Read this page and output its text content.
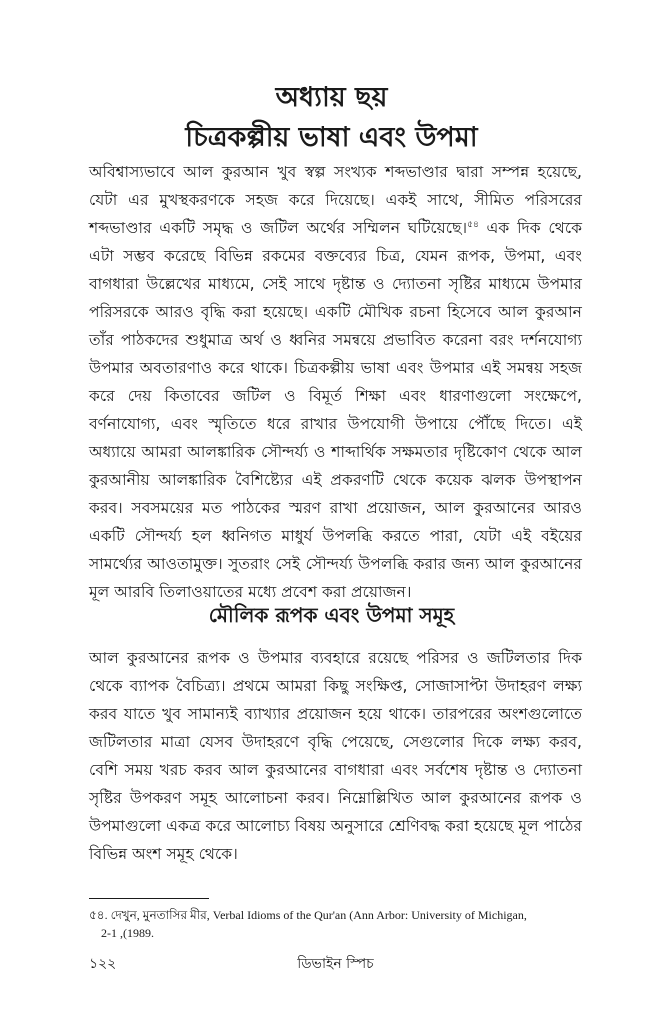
অধ্যায় ছয়
চিত্রকল্পীয় ভাষা এবং উপমা

অবিশ্বাস্যভাবে আল কুরআন খুব স্বল্প সংখ্যক শব্দভাণ্ডার দ্বারা সম্পন্ন হয়েছে, যেটা এর মুখস্থকরণকে সহজ করে দিয়েছে। একই সাথে, সীমিত পরিসরের শব্দভাণ্ডার একটি সমৃদ্ধ ও জটিল অর্থের সম্মিলন ঘটিয়েছে।$^{৫৪}$ এক দিক থেকে এটা সম্ভব করেছে বিভিন্ন রকমের বক্তব্যের চিত্র, যেমন রূপক, উপমা, এবং বাগধারা উল্লেখের মাধ্যমে, সেই সাথে দৃষ্টান্ত ও দ্যোতনা সৃষ্টির মাধ্যমে উপমার পরিসরকে আরও বৃদ্ধি করা হয়েছে। একটি মৌখিক রচনা হিসেবে আল কুরআন তাঁর পাঠকদের শুধুমাত্র অর্থ ও ধ্বনির সমন্বয়ে প্রভাবিত করেনা বরং দর্শনযোগ্য উপমার অবতারণাও করে থাকে। চিত্রকল্পীয় ভাষা এবং উপমার এই সমন্বয় সহজ করে দেয় কিতাবের জটিল ও বিমূর্ত শিক্ষা এবং ধারণাগুলো সংক্ষেপে, বর্ণনাযোগ্য, এবং স্মৃতিতে ধরে রাখার উপযোগী উপায়ে পৌঁছে দিতে। এই অধ্যায়ে আমরা আলঙ্কারিক সৌন্দর্য্য ও শাব্দার্থিক সক্ষমতার দৃষ্টিকোণ থেকে আল কুরআনীয় আলঙ্কারিক বৈশিষ্ট্যের এই প্রকরণটি থেকে কয়েক ঝলক উপস্থাপন করব। সবসময়ের মত পাঠকের স্মরণ রাখা প্রয়োজন, আল কুরআনের আরও একটি সৌন্দর্য্য হল ধ্বনিগত মাধুর্য উপলব্ধি করতে পারা, যেটা এই বইয়ের সামর্থ্যের আওতামুক্ত। সুতরাং সেই সৌন্দর্য্য উপলব্ধি করার জন্য আল কুরআনের মূল আরবি তিলাওয়াতের মধ্যে প্রবেশ করা প্রয়োজন।

মৌলিক রূপক এবং উপমা সমূহ

আল কুরআনের রূপক ও উপমার ব্যবহারে রয়েছে পরিসর ও জটিলতার দিক থেকে ব্যাপক বৈচিত্র্য। প্রথমে আমরা কিছু সংক্ষিপ্ত, সোজাসাপ্টা উদাহরণ লক্ষ্য করব যাতে খুব সামান্যই ব্যাখ্যার প্রয়োজন হয়ে থাকে। তারপরের অংশগুলোতে জটিলতার মাত্রা যেসব উদাহরণে বৃদ্ধি পেয়েছে, সেগুলোর দিকে লক্ষ্য করব, বেশি সময় খরচ করব আল কুরআনের বাগধারা এবং সর্বশেষ দৃষ্টান্ত ও দ্যোতনা সৃষ্টির উপকরণ সমূহ আলোচনা করব। নিম্নোল্লিখিত আল কুরআনের রূপক ও উপমাগুলো একত্র করে আলোচ্য বিষয় অনুসারে শ্রেণিবদ্ধ করা হয়েছে মূল পাঠের বিভিন্ন অংশ সমূহ থেকে।

৫৪. দেখুন, মুনতাসির মীর, Verbal Idioms of the Qur'an (Ann Arbor: University of Michigan,
2-1 ,(1989.

১২২	ডিভাইন স্পিচ
